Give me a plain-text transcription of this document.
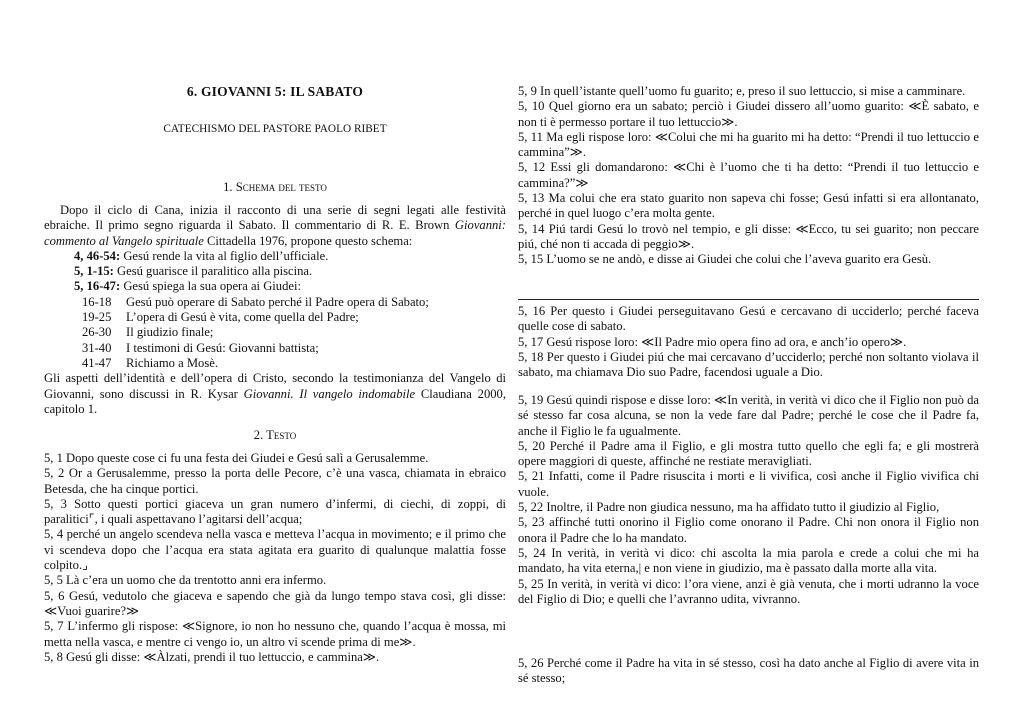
6. GIOVANNI 5: IL SABATO
CATECHISMO DEL PASTORE PAOLO RIBET
1. Schema del testo
Dopo il ciclo di Cana, inizia il racconto di una serie di segni legati alle festività ebraiche. Il primo segno riguarda il Sabato. Il commentario di R. E. Brown Giovanni: commento al Vangelo spirituale Cittadella 1976, propone questo schema:
4, 46-54: Gesú rende la vita al figlio dell’ufficiale.
5, 1-15: Gesú guarisce il paralitico alla piscina.
5, 16-47: Gesú spiega la sua opera ai Giudei:
16-18 Gesú può operare di Sabato perché il Padre opera di Sabato;
19-25 L’opera di Gesú è vita, come quella del Padre;
26-30 Il giudizio finale;
31-40 I testimoni di Gesú: Giovanni battista;
41-47 Richiamo a Mosè.
Gli aspetti dell’identità e dell’opera di Cristo, secondo la testimonianza del Vangelo di Giovanni, sono discussi in R. Kysar Giovanni. Il vangelo indomabile Claudiana 2000, capitolo 1.
2. Testo

5, 1 Dopo queste cose ci fu una festa dei Giudei e Gesú salì a Gerusalemme.

5, 2 Or a Gerusalemme, presso la porta delle Pecore, c’è una vasca, chiamata in ebraico Betesda, che ha cinque portici.

5, 3 Sotto questi portici giaceva un gran numero d’infermi, di ciechi, di zoppi, di paralitici⌜, i quali aspettavano l’agitarsi dell’acqua;

5, 4 perché un angelo scendeva nella vasca e metteva l’acqua in movimento; e il primo che vi scendeva dopo che l’acqua era stata agitata era guarito di qualunque malattia fosse colpito.⌟

5, 5 Là c’era un uomo che da trentotto anni era infermo.

5, 6 Gesú, vedutolo che giaceva e sapendo che già da lungo tempo stava così, gli disse: ≪Vuoi guarire?≫

5, 7 L’infermo gli rispose: ≪Signore, io non ho nessuno che, quando l’acqua è mossa, mi metta nella vasca, e mentre ci vengo io, un altro vi scende prima di me≫.

5, 8 Gesú gli disse: ≪Àlzati, prendi il tuo lettuccio, e cammina≫.

5, 9 In quell’istante quell’uomo fu guarito; e, preso il suo lettuccio, si mise a camminare.

5, 10 Quel giorno era un sabato; perciò i Giudei dissero all’uomo guarito: ≪È sabato, e non ti è permesso portare il tuo lettuccio≫.

5, 11 Ma egli rispose loro: ≪Colui che mi ha guarito mi ha detto: “Prendi il tuo lettuccio e cammina”≫.

5, 12 Essi gli domandarono: ≪Chi è l’uomo che ti ha detto: “Prendi il tuo lettuccio e cammina?”≫

5, 13 Ma colui che era stato guarito non sapeva chi fosse; Gesú infatti si era allontanato, perché in quel luogo c’era molta gente.

5, 14 Piú tardi Gesú lo trovò nel tempio, e gli disse: ≪Ecco, tu sei guarito; non peccare piú, ché non ti accada di peggio≫.

5, 15 L’uomo se ne andò, e disse ai Giudei che colui che l’aveva guarito era Gesù.

5, 16 Per questo i Giudei perseguitavano Gesú e cercavano di ucciderlo; perché faceva quelle cose di sabato.

5, 17 Gesú rispose loro: ≪Il Padre mio opera fino ad ora, e anch’io opero≫.

5, 18 Per questo i Giudei piú che mai cercavano d’ucciderlo; perché non soltanto violava il sabato, ma chiamava Dio suo Padre, facendosi uguale a Dio.

5, 19 Gesú quindi rispose e disse loro: ≪In verità, in verità vi dico che il Figlio non può da sé stesso far cosa alcuna, se non la vede fare dal Padre; perché le cose che il Padre fa, anche il Figlio le fa ugualmente.

5, 20 Perché il Padre ama il Figlio, e gli mostra tutto quello che egli fa; e gli mostrerà opere maggiori di queste, affinché ne restiate meravigliati.

5, 21 Infatti, come il Padre risuscita i morti e li vivifica, così anche il Figlio vivifica chi vuole.

5, 22 Inoltre, il Padre non giudica nessuno, ma ha affidato tutto il giudizio al Figlio,

5, 23 affinché tutti onorino il Figlio come onorano il Padre. Chi non onora il Figlio non onora il Padre che lo ha mandato.

5, 24 In verità, in verità vi dico: chi ascolta la mia parola e crede a colui che mi ha mandato, ha vita eterna,| e non viene in giudizio, ma è passato dalla morte alla vita.

5, 25 In verità, in verità vi dico: l’ora viene, anzi è già venuta, che i morti udranno la voce del Figlio di Dio; e quelli che l’avranno udita, vivranno.

5, 26 Perché come il Padre ha vita in sé stesso, così ha dato anche al Figlio di avere vita in sé stesso;
